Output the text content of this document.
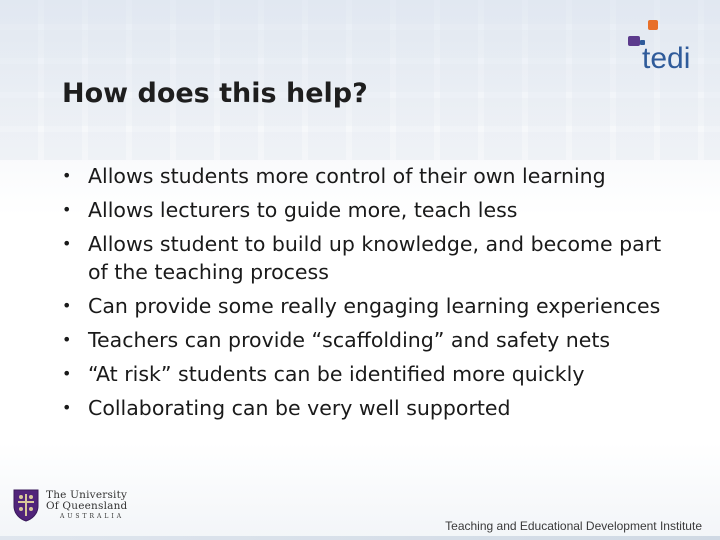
tedi
How does this help?
• Allows students more control of their own learning
• Allows lecturers to guide more, teach less
• Allows student to build up knowledge, and become part of the teaching process
• Can provide some really engaging learning experiences
• Teachers can provide “scaffolding” and safety nets
• “At risk” students can be identified more quickly
• Collaborating can be very well supported
The University
Of Queensland
AUSTRALIA
Teaching and Educational Development Institute
